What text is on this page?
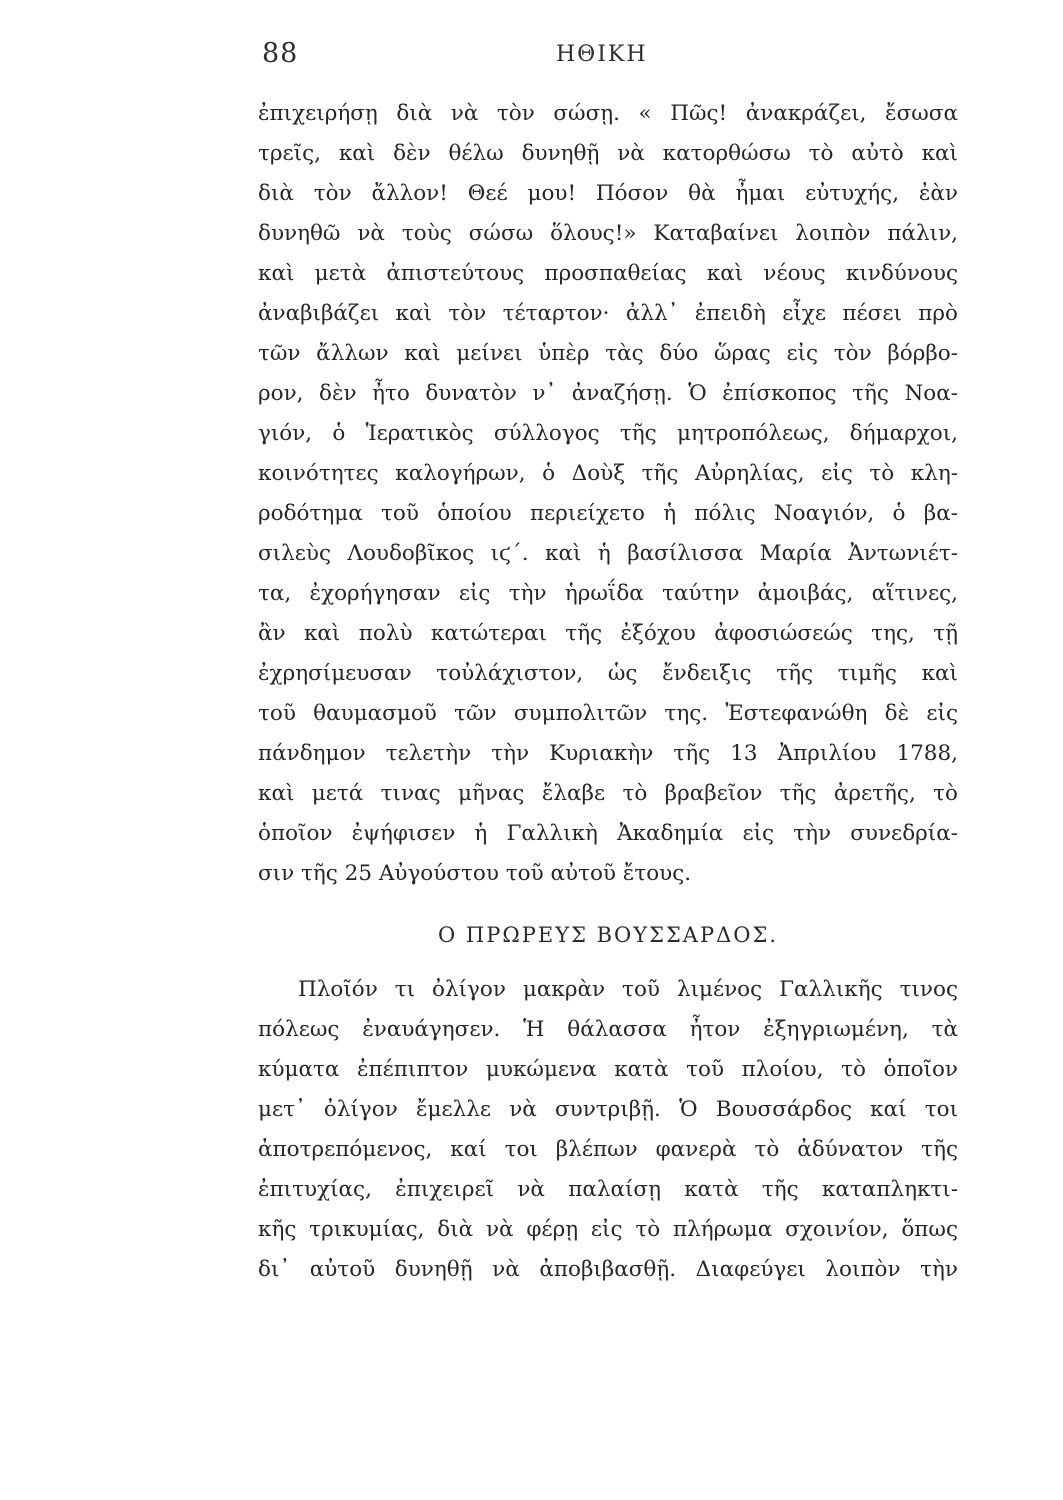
88	ΗΘΙΚΗ
ἐπιχειρήσῃ διὰ νὰ τὸν σώσῃ. « Πῶς! ἀνακράζει, ἔσωσα
τρεῖς, καὶ δὲν θέλω δυνηθῇ νὰ κατορθώσω τὸ αὐτὸ καὶ
διὰ τὸν ἄλλον! Θεέ μου! Πόσον θὰ ἦμαι εὐτυχής, ἐὰν
δυνηθῶ νὰ τοὺς σώσω ὅλους!» Καταβαίνει λοιπὸν πάλιν,
καὶ μετὰ ἀπιστεύτους προσπαθείας καὶ νέους κινδύνους
ἀναβιβάζει καὶ τὸν τέταρτον· ἀλλ᾽ ἐπειδὴ εἶχε πέσει πρὸ
τῶν ἄλλων καὶ μείνει ὑπὲρ τὰς δύο ὥρας εἰς τὸν βόρβο-
ρον, δὲν ἦτο δυνατὸν ν᾽ ἀναζήσῃ. Ὁ ἐπίσκοπος τῆς Νοα-
γιόν, ὁ Ἱερατικὸς σύλλογος τῆς μητροπόλεως, δήμαρχοι,
κοινότητες καλογήρων, ὁ Δοὺξ τῆς Αὐρηλίας, εἰς τὸ κλη-
ροδότημα τοῦ ὁποίου περιείχετο ἡ πόλις Νοαγιόν, ὁ βα-
σιλεὺς Λουδοβῖκος ιϛ΄. καὶ ἡ βασίλισσα Μαρία Ἀντωνιέτ-
τα, ἐχορήγησαν εἰς τὴν ἡρωΐδα ταύτην ἀμοιβάς, αἵτινες,
ἂν καὶ πολὺ κατώτεραι τῆς ἐξόχου ἀφοσιώσεώς της, τῇ
ἐχρησίμευσαν τοὐλάχιστον, ὡς ἔνδειξις τῆς τιμῆς καὶ
τοῦ θαυμασμοῦ τῶν συμπολιτῶν της. Ἐστεφανώθη δὲ εἰς
πάνδημον τελετὴν τὴν Κυριακὴν τῆς 13 Ἀπριλίου 1788,
καὶ μετά τινας μῆνας ἔλαβε τὸ βραβεῖον τῆς ἀρετῆς, τὸ
ὁποῖον ἐψήφισεν ἡ Γαλλικὴ Ἀκαδημία εἰς τὴν συνεδρία-
σιν τῆς 25 Αὐγούστου τοῦ αὐτοῦ ἔτους.
Ο ΠΡΩΡΕΥΣ ΒΟΥΣΣΑΡΔΟΣ.
Πλοῖόν τι ὀλίγον μακρὰν τοῦ λιμένος Γαλλικῆς τινος
πόλεως ἐναυάγησεν. Ἡ θάλασσα ἦτον ἐξηγριωμένη, τὰ
κύματα ἐπέπιπτον μυκώμενα κατὰ τοῦ πλοίου, τὸ ὁποῖον
μετ᾽ ὀλίγον ἔμελλε νὰ συντριβῇ. Ὁ Βουσσάρδος καί τοι
ἀποτρεπόμενος, καί τοι βλέπων φανερὰ τὸ ἀδύνατον τῆς
ἐπιτυχίας, ἐπιχειρεῖ νὰ παλαίσῃ κατὰ τῆς καταπληκτι-
κῆς τρικυμίας, διὰ νὰ φέρῃ εἰς τὸ πλήρωμα σχοινίον, ὅπως
δι᾽ αὐτοῦ δυνηθῇ νὰ ἀποβιβασθῇ. Διαφεύγει λοιπὸν τὴν
